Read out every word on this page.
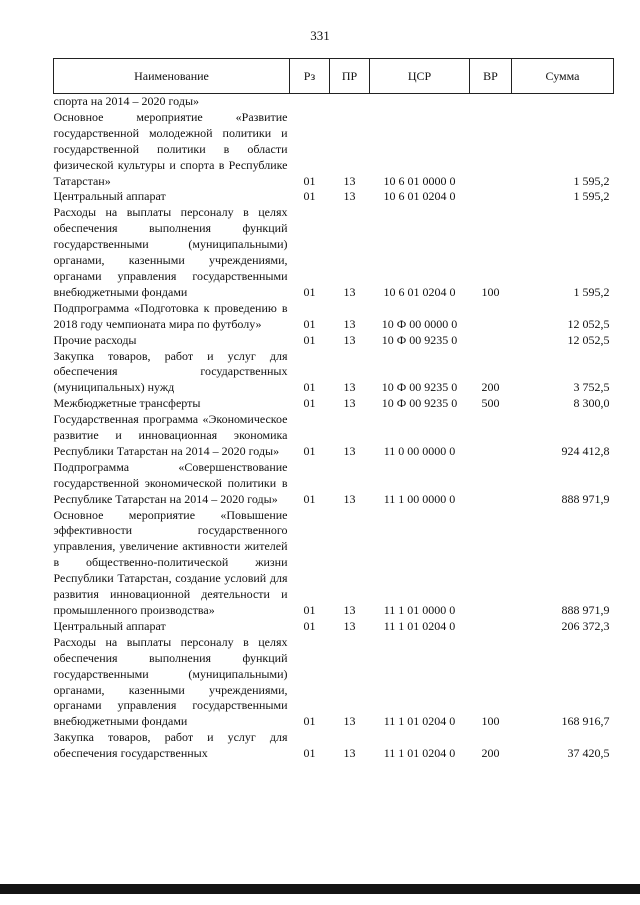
331
Наименование	Рз	ПР	ЦСР	ВР	Сумма
спорта на 2014 – 2020 годы»					
Основное мероприятие «Развитие государственной молодежной политики и государственной политики в области физической культуры и спорта в Республике Татарстан»	01	13	10 6 01 0000 0		1 595,2
Центральный аппарат	01	13	10 6 01 0204 0		1 595,2
Расходы на выплаты персоналу в целях обеспечения выполнения функций государственными (муниципальными) органами, казенными учреждениями, органами управления государственными внебюджетными фондами	01	13	10 6 01 0204 0	100	1 595,2
Подпрограмма «Подготовка к проведению в 2018 году чемпионата мира по футболу»	01	13	10 Ф 00 0000 0		12 052,5
Прочие расходы	01	13	10 Ф 00 9235 0		12 052,5
Закупка товаров, работ и услуг для обеспечения государственных (муниципальных) нужд	01	13	10 Ф 00 9235 0	200	3 752,5
Межбюджетные трансферты	01	13	10 Ф 00 9235 0	500	8 300,0
Государственная программа «Экономическое развитие и инновационная экономика Республики Татарстан на 2014 – 2020 годы»	01	13	11 0 00 0000 0		924 412,8
Подпрограмма «Совершенствование государственной экономической политики в Республике Татарстан на 2014 – 2020 годы»	01	13	11 1 00 0000 0		888 971,9
Основное мероприятие «Повышение эффективности государственного управления, увеличение активности жителей в общественно-политической жизни Республики Татарстан, создание условий для развития инновационной деятельности и промышленного производства»	01	13	11 1 01 0000 0		888 971,9
Центральный аппарат	01	13	11 1 01 0204 0		206 372,3
Расходы на выплаты персоналу в целях обеспечения выполнения функций государственными (муниципальными) органами, казенными учреждениями, органами управления государственными внебюджетными фондами	01	13	11 1 01 0204 0	100	168 916,7
Закупка товаров, работ и услуг для обеспечения государственных	01	13	11 1 01 0204 0	200	37 420,5
